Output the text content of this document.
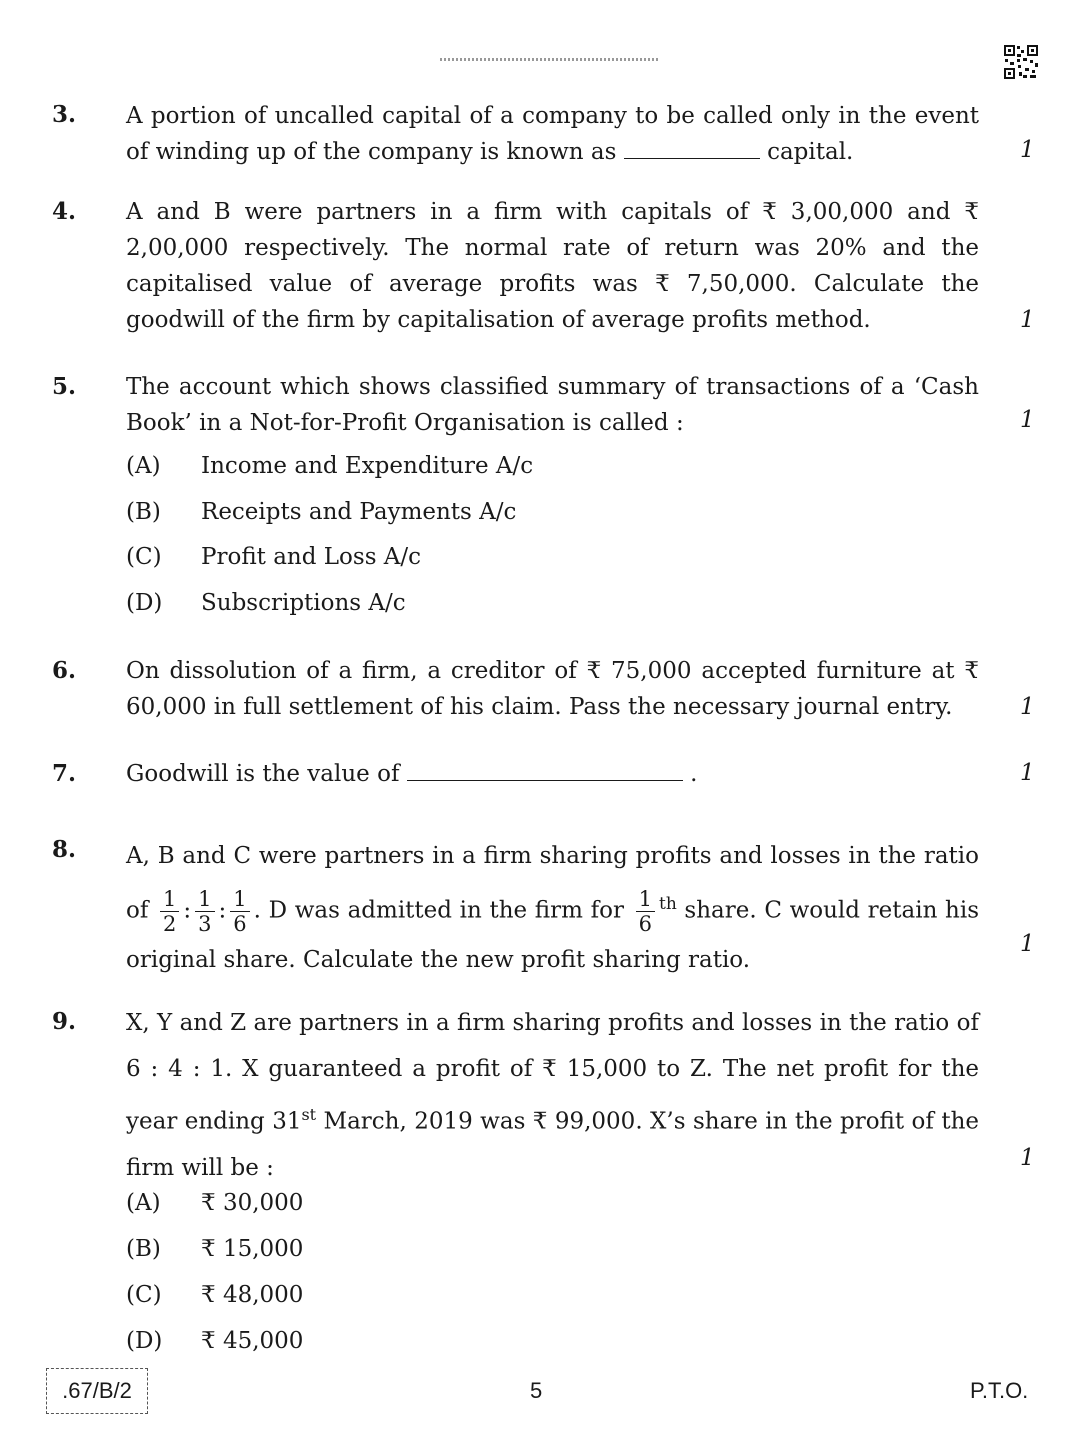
3. A portion of uncalled capital of a company to be called only in the event of winding up of the company is known as	capital.	1
4. A and B were partners in a firm with capitals of ₹ 3,00,000 and ₹ 2,00,000 respectively. The normal rate of return was 20% and the capitalised value of average profits was ₹ 7,50,000. Calculate the goodwill of the firm by capitalisation of average profits method.	1
5. The account which shows classified summary of transactions of a ‘Cash Book’ in a Not-for-Profit Organisation is called :	1
(A) Income and Expenditure A/c
(B) Receipts and Payments A/c
(C) Profit and Loss A/c
(D) Subscriptions A/c
6. On dissolution of a firm, a creditor of ₹ 75,000 accepted furniture at ₹ 60,000 in full settlement of his claim. Pass the necessary journal entry.	1
7. Goodwill is the value of	.	1
8. A, B and C were partners in a firm sharing profits and losses in the ratio of $\frac{1}{2}$ : $\frac{1}{3}$ : $\frac{1}{6}$ . D was admitted in the firm for $\frac{1}{6} ^{th}$ share. C would retain his original share. Calculate the new profit sharing ratio.
1
9. X, Y and Z are partners in a firm sharing profits and losses in the ratio of 6 : 4 : 1. X guaranteed a profit of ₹ 15,000 to Z. The net profit for the year ending 31st March, 2019 was ₹ 99,000. X’s share in the profit of the firm will be :	1
(A) ₹ 30,000
(B) ₹ 15,000
(C) ₹ 48,000
(D) ₹ 45,000
.67/B/2	5	P.T.O.
